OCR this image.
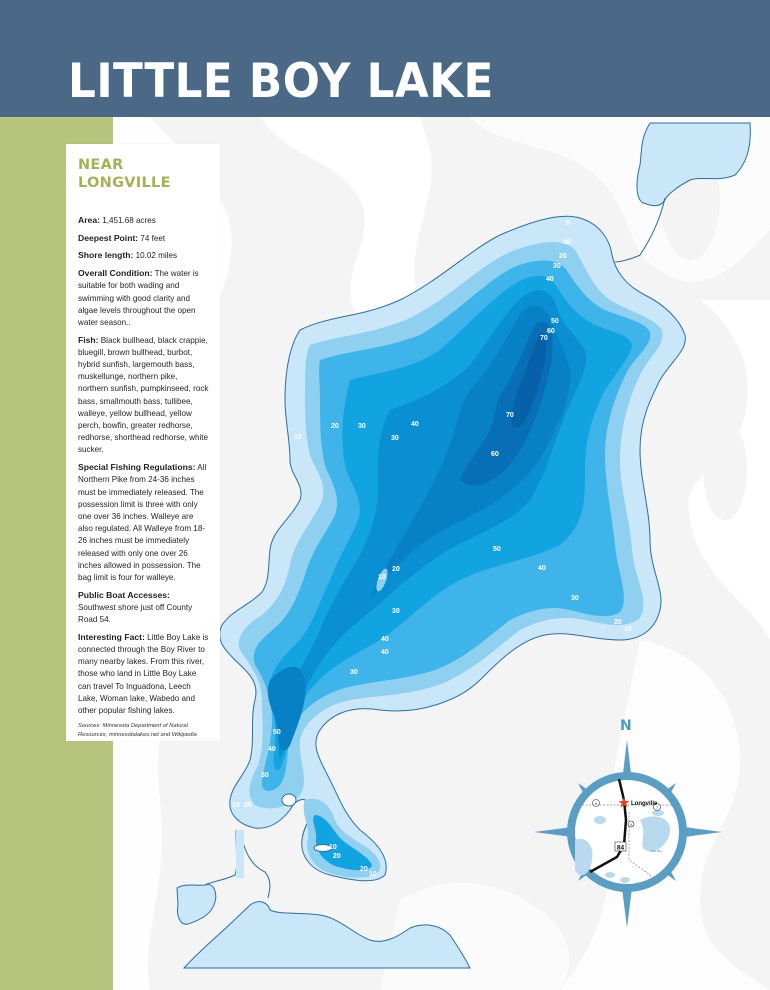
LITTLE BOY LAKE
5
10
20
30
40
50
60
70
70
60
10
20	30	40
30
50
40
30
20
10
20
10
30
40
40
30
50
40
30
10 20
10
20
20
10
NEAR
LONGVILLE
Area: 1,451.68 acres
Deepest Point: 74 feet
Shore length: 10.02 miles
Overall Condition: The water is suitable for both wading and swimming with good clarity and algae levels throughout the open water season..
Fish: Black bullhead, black crappie, bluegill, brown bullhead, burbot, hybrid sunfish, largemouth bass, muskellunge, northern pike, northern sunfish, pumpkinseed, rock bass, smallmouth bass, tullibee, walleye, yellow bullhead, yellow perch, bowfin, greater redhorse, redhorse, shorthead redhorse, white sucker.
Special Fishing Regulations: All Northern Pike from 24-36 inches must be immediately released. The possession limit is three with only one over 36 inches. Walleye are also regulated. All Walleye from 18-26 inches must be immediately released with only one over 26 inches allowed in possession. The bag limit is four for walleye.
Public Boat Accesses: Southwest shore just off County Road 54.
Interesting Fact: Little Boy Lake is connected through the Boy River to many nearby lakes. From this river, those who land in Little Boy Lake can travel To Inguadona, Leech Lake, Woman lake, Wabedo and other popular fishing lakes.
Sources: Minnesota Department of Natural Resources, minnesotalakes.net and Wikipedia
N
5
7
9
84
Longville
Little Boy
